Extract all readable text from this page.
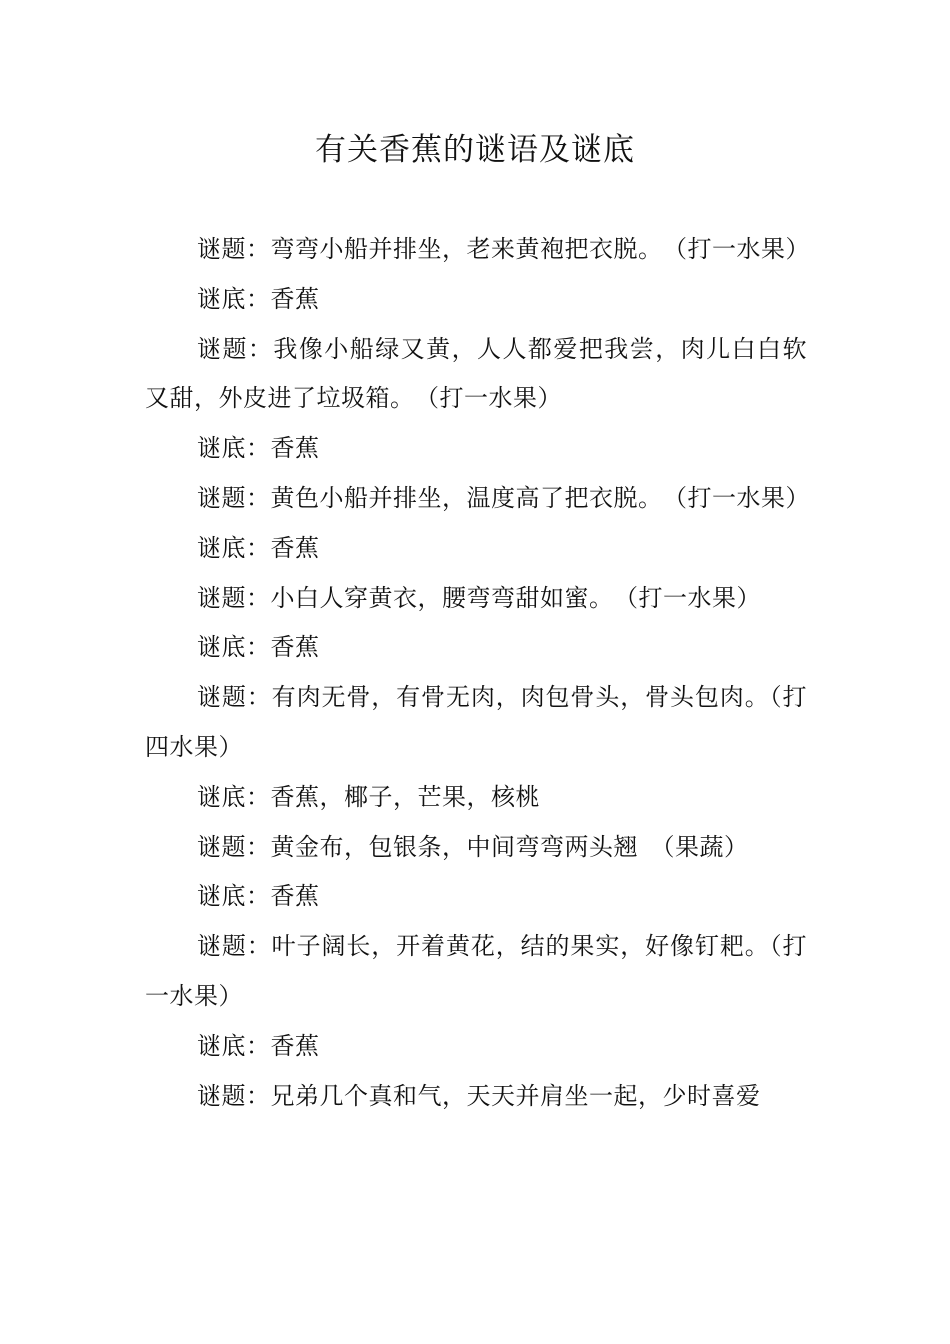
有关香蕉的谜语及谜底

谜题：弯弯小船并排坐，老来黄袍把衣脱。　（打一水果）

谜底：香蕉

谜题：我像小船绿又黄，人人都爱把我尝，肉儿白白软又甜，外皮进了垃圾箱。　（打一水果）

谜底：香蕉

谜题：黄色小船并排坐，温度高了把衣脱。　（打一水果）

谜底：香蕉

谜题：小白人穿黄衣，腰弯弯甜如蜜。　（打一水果）

谜底：香蕉

谜题：有肉无骨，有骨无肉，肉包骨头，骨头包肉。（打四水果）

谜底：香蕉，椰子，芒果，核桃

谜题：黄金布，包银条，中间弯弯两头翘　（果蔬）

谜底：香蕉

谜题：叶子阔长，开着黄花，结的果实，好像钉耙。（打一水果）

谜底：香蕉

谜题：兄弟几个真和气，天天并肩坐一起，少时喜爱
